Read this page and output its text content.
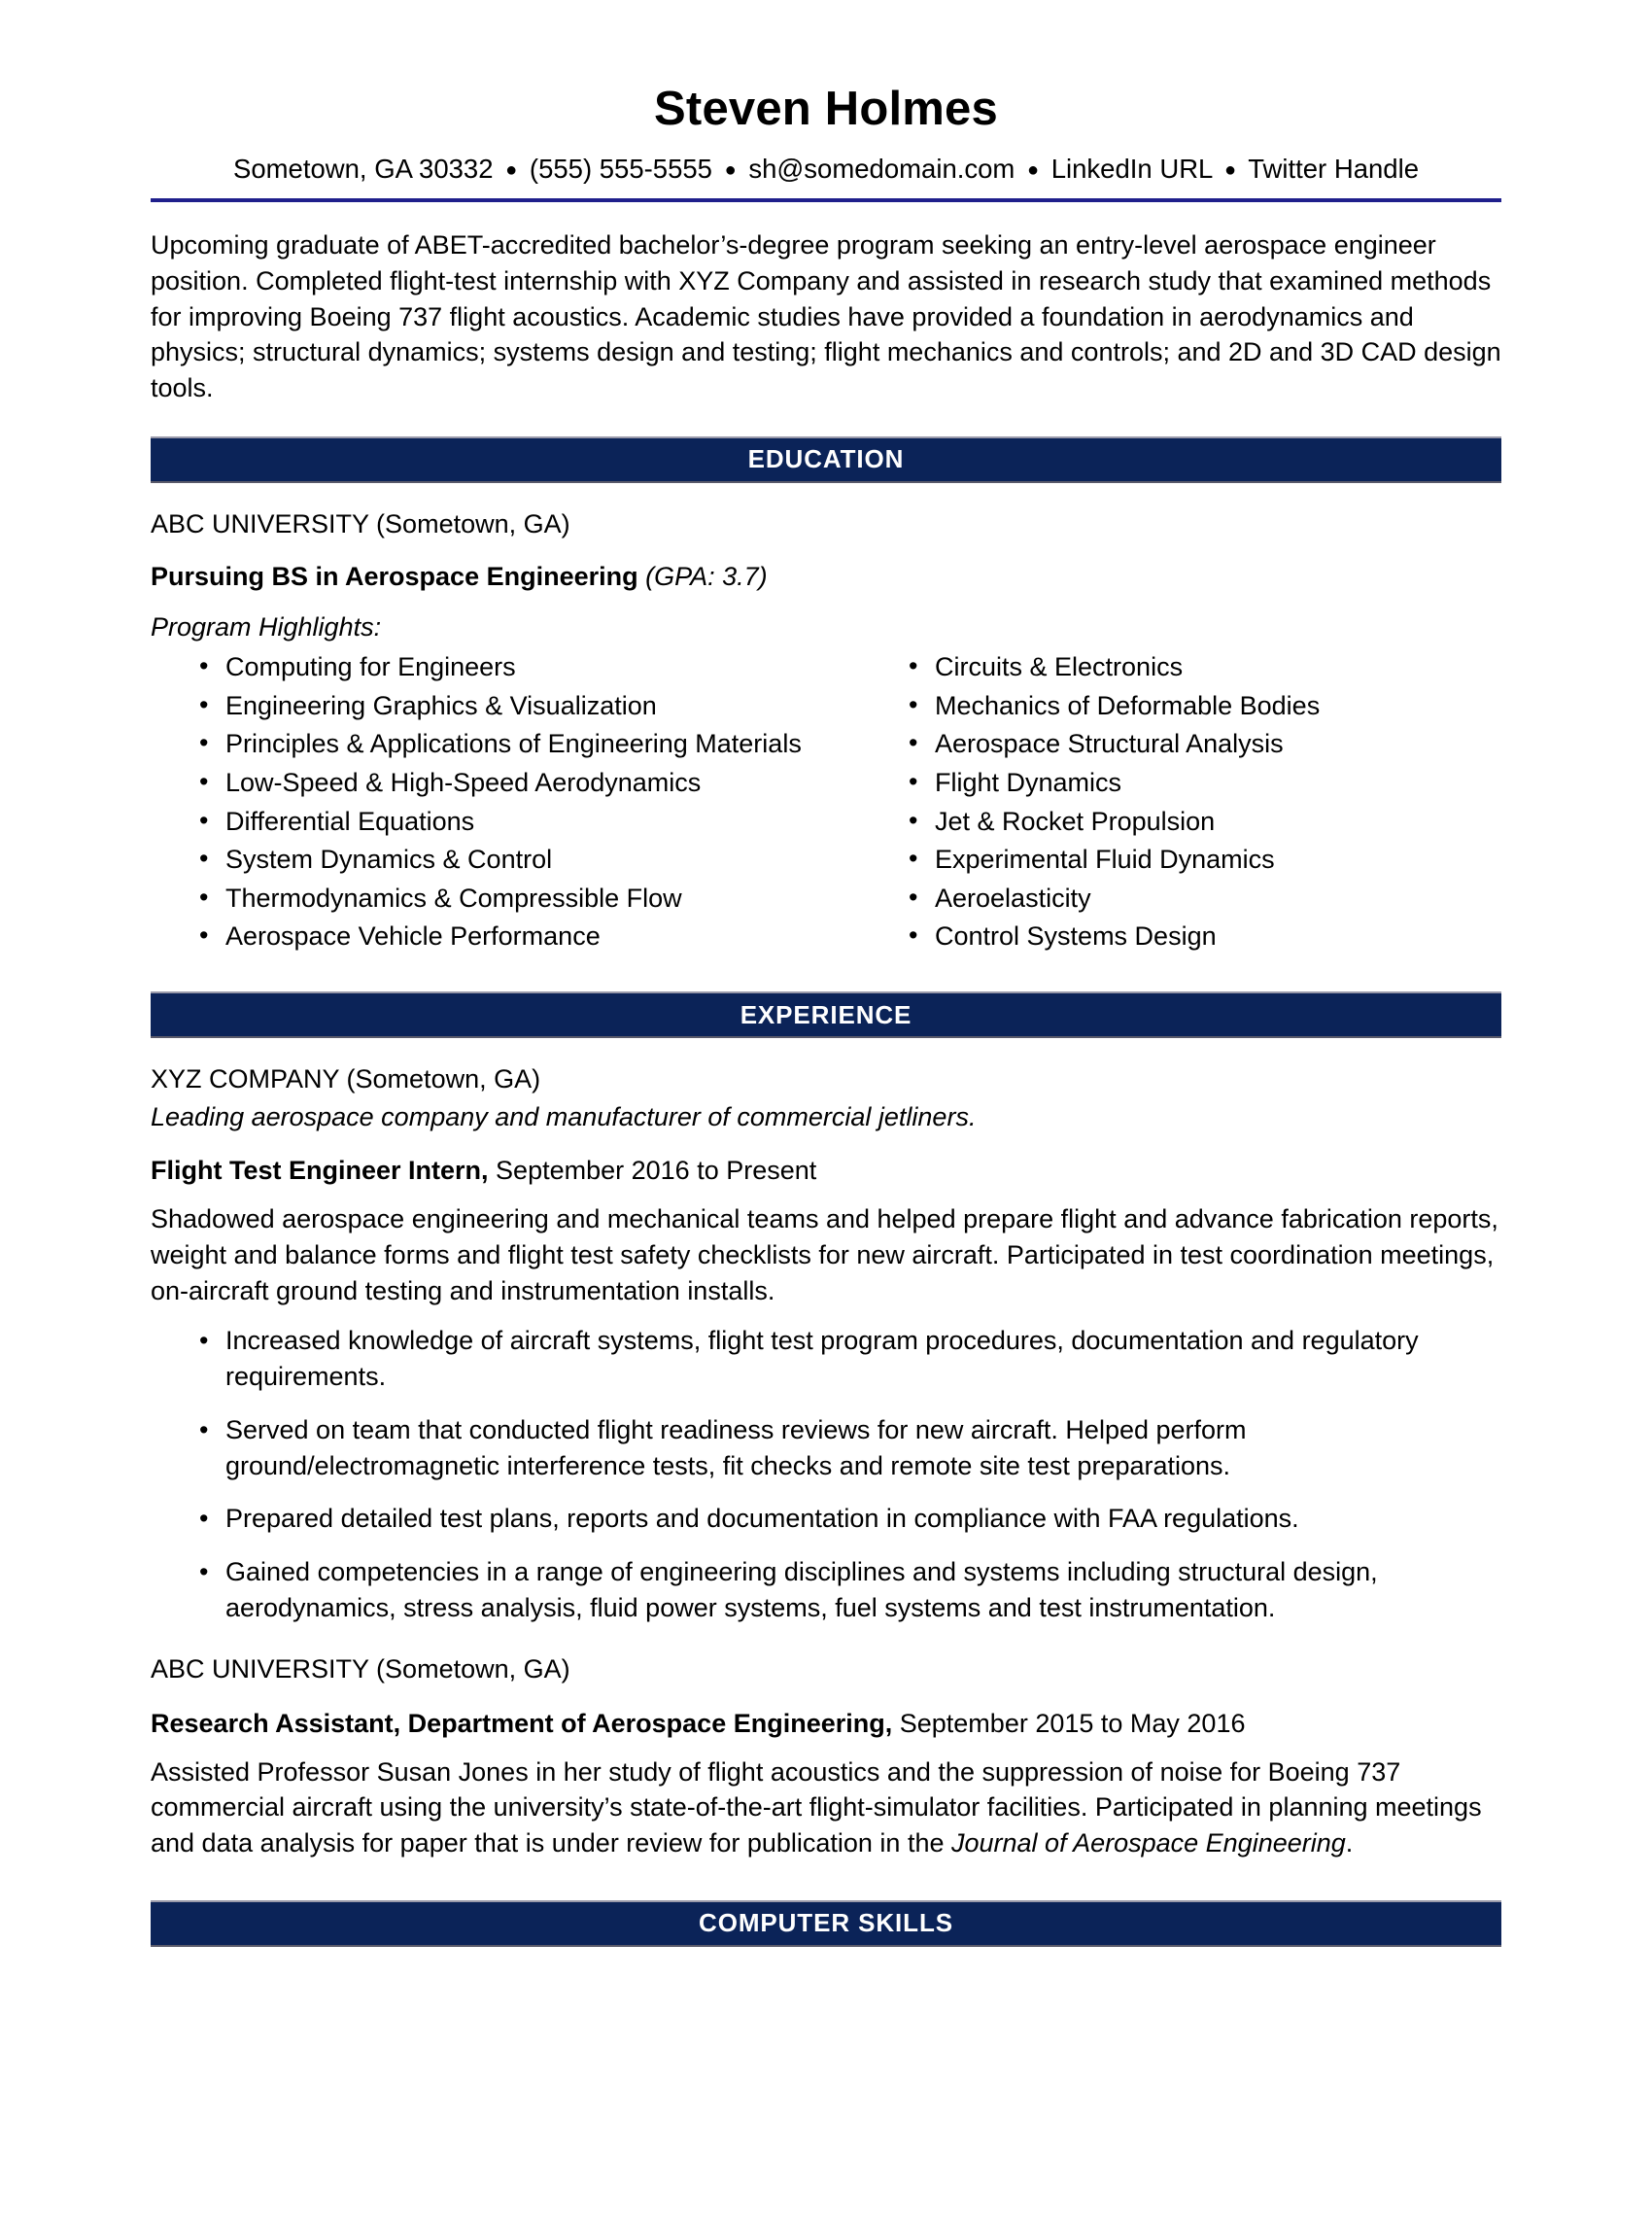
Steven Holmes
Sometown, GA 30332 ● (555) 555-5555 ● sh@somedomain.com ● LinkedIn URL ● Twitter Handle
Upcoming graduate of ABET-accredited bachelor’s-degree program seeking an entry-level aerospace engineer position. Completed flight-test internship with XYZ Company and assisted in research study that examined methods for improving Boeing 737 flight acoustics. Academic studies have provided a foundation in aerodynamics and physics; structural dynamics; systems design and testing; flight mechanics and controls; and 2D and 3D CAD design tools.
EDUCATION
ABC UNIVERSITY (Sometown, GA)
Pursuing BS in Aerospace Engineering (GPA: 3.7)
Program Highlights:
• Computing for Engineers
• Engineering Graphics & Visualization
• Principles & Applications of Engineering Materials
• Low-Speed & High-Speed Aerodynamics
• Differential Equations
• System Dynamics & Control
• Thermodynamics & Compressible Flow
• Aerospace Vehicle Performance
• Circuits & Electronics
• Mechanics of Deformable Bodies
• Aerospace Structural Analysis
• Flight Dynamics
• Jet & Rocket Propulsion
• Experimental Fluid Dynamics
• Aeroelasticity
• Control Systems Design
EXPERIENCE
XYZ COMPANY (Sometown, GA)
Leading aerospace company and manufacturer of commercial jetliners.
Flight Test Engineer Intern, September 2016 to Present
Shadowed aerospace engineering and mechanical teams and helped prepare flight and advance fabrication reports, weight and balance forms and flight test safety checklists for new aircraft. Participated in test coordination meetings, on-aircraft ground testing and instrumentation installs.
• Increased knowledge of aircraft systems, flight test program procedures, documentation and regulatory requirements.
• Served on team that conducted flight readiness reviews for new aircraft. Helped perform ground/electromagnetic interference tests, fit checks and remote site test preparations.
• Prepared detailed test plans, reports and documentation in compliance with FAA regulations.
• Gained competencies in a range of engineering disciplines and systems including structural design, aerodynamics, stress analysis, fluid power systems, fuel systems and test instrumentation.
ABC UNIVERSITY (Sometown, GA)
Research Assistant, Department of Aerospace Engineering, September 2015 to May 2016
Assisted Professor Susan Jones in her study of flight acoustics and the suppression of noise for Boeing 737 commercial aircraft using the university’s state-of-the-art flight-simulator facilities. Participated in planning meetings and data analysis for paper that is under review for publication in the Journal of Aerospace Engineering.
COMPUTER SKILLS
